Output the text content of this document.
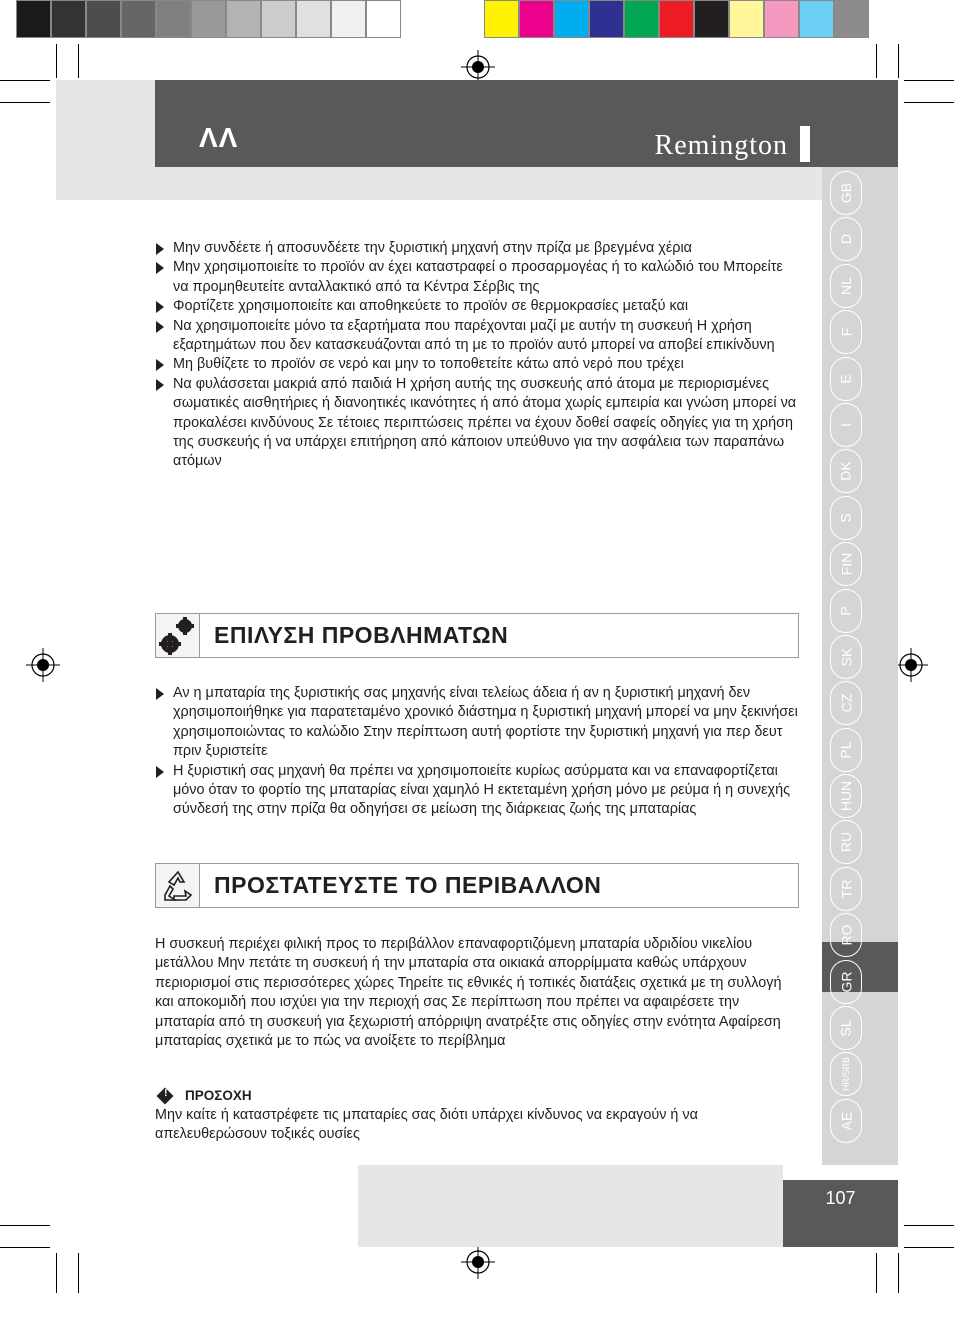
ΛΛ	Remington
GB
D
NL
F
E
I
DK
S
FIN
P
SK
CZ
PL
HUN
RU
TR
RO
GR
SL
HR/SRB
AE
Μην συνδέετε ή αποσυνδέετε την ξυριστική μηχανή στην πρίζα με βρεγμένα χέρια
Μην χρησιμοποιείτε το προϊόν αν έχει καταστραφεί ο προσαρμογέας ή το καλώδιό του Μπορείτε να προμηθευτείτε ανταλλακτικό από τα Κέντρα Σέρβις της
Φορτίζετε χρησιμοποιείτε και αποθηκεύετε το προϊόν σε θερμοκρασίες μεταξύ και
Να χρησιμοποιείτε μόνο τα εξαρτήματα που παρέχονται μαζί με αυτήν τη συσκευή Η χρήση εξαρτημάτων που δεν κατασκευάζονται από τη με το προϊόν αυτό μπορεί να αποβεί επικίνδυνη
Μη βυθίζετε το προϊόν σε νερό και μην το τοποθετείτε κάτω από νερό που τρέχει
Να φυλάσσεται μακριά από παιδιά Η χρήση αυτής της συσκευής από άτομα με περιορισμένες σωματικές αισθητήριες ή διανοητικές ικανότητες ή από άτομα χωρίς εμπειρία και γνώση μπορεί να προκαλέσει κινδύνους Σε τέτοιες περιπτώσεις πρέπει να έχουν δοθεί σαφείς οδηγίες για τη χρήση της συσκευής ή να υπάρχει επιτήρηση από κάποιον υπεύθυνο για την ασφάλεια των παραπάνω ατόμων
ΕΠΙΛΥΣΗ ΠΡΟΒΛΗΜΑΤΩΝ
Αν η μπαταρία της ξυριστικής σας μηχανής είναι τελείως άδεια ή αν η ξυριστική μηχανή δεν χρησιμοποιήθηκε για παρατεταμένο χρονικό διάστημα η ξυριστική μηχανή μπορεί να μην ξεκινήσει χρησιμοποιώντας το καλώδιο Στην περίπτωση αυτή φορτίστε την ξυριστική μηχανή για περ δευτ πριν ξυριστείτε
Η ξυριστική σας μηχανή θα πρέπει να χρησιμοποιείτε κυρίως ασύρματα και να επαναφορτίζεται μόνο όταν το φορτίο της μπαταρίας είναι χαμηλό Η εκτεταμένη χρήση μόνο με ρεύμα ή η συνεχής σύνδεσή της στην πρίζα θα οδηγήσει σε μείωση της διάρκειας ζωής της μπαταρίας
ΠΡΟΣΤΑΤΕΥΣΤΕ ΤΟ ΠΕΡΙΒΑΛΛΟΝ
Η συσκευή περιέχει φιλική προς το περιβάλλον επαναφορτιζόμενη μπαταρία υδριδίου νικελίου μετάλλου Μην πετάτε τη συσκευή ή την μπαταρία στα οικιακά απορρίμματα καθώς υπάρχουν περιορισμοί στις περισσότερες χώρες Τηρείτε τις εθνικές ή τοπικές διατάξεις σχετικά με τη συλλογή και αποκομιδή που ισχύει για την περιοχή σας Σε περίπτωση που πρέπει να αφαιρέσετε την μπαταρία από τη συσκευή για ξεχωριστή απόρριψη ανατρέξτε στις οδηγίες στην ενότητα Αφαίρεση μπαταρίας σχετικά με το πώς να ανοίξετε το περίβλημα
!
ΠΡΟΣΟΧΗ
Μην καίτε ή καταστρέφετε τις μπαταρίες σας διότι υπάρχει κίνδυνος να εκραγούν ή να απελευθερώσουν τοξικές ουσίες
107
